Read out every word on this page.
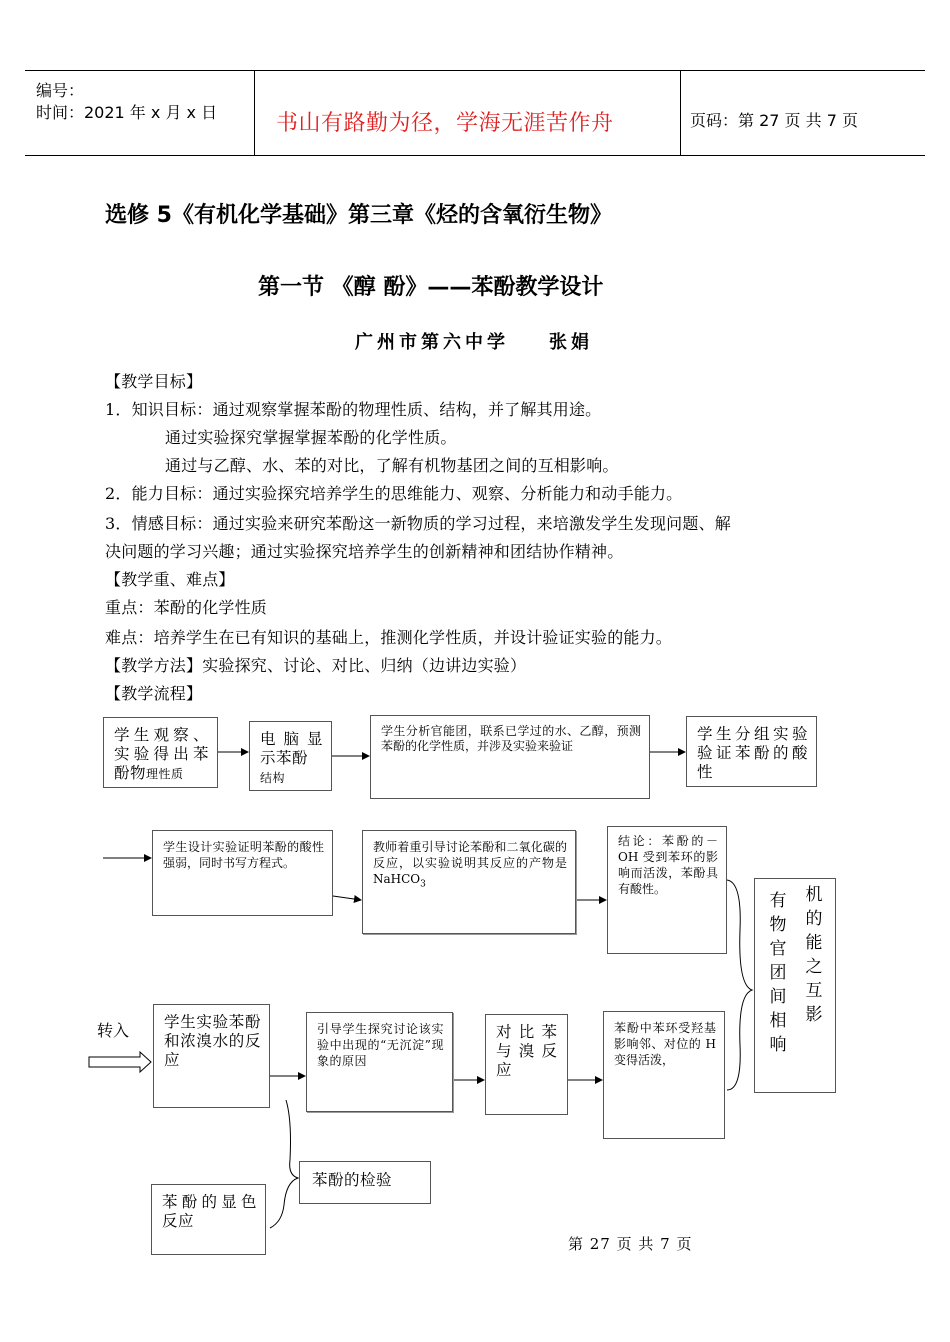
编号：
时间：2021 年 x 月 x 日	书山有路勤为径，学海无涯苦作舟	页码：第 27 页 共 7 页
选修 5《有机化学基础》第三章《烃的含氧衍生物》
第一节 《醇 酚》——苯酚教学设计
广州市第六中学 张娟
【教学目标】
1．知识目标：通过观察掌握苯酚的物理性质、结构，并了解其用途。
通过实验探究掌握掌握苯酚的化学性质。
通过与乙醇、水、苯的对比，了解有机物基团之间的互相影响。
2．能力目标：通过实验探究培养学生的思维能力、观察、分析能力和动手能力。
3．情感目标：通过实验来研究苯酚这一新物质的学习过程，来培激发学生发现问题、解
决问题的学习兴趣；通过实验探究培养学生的创新精神和团结协作精神。
【教学重、难点】
重点：苯酚的化学性质
难点：培养学生在已有知识的基础上，推测化学性质，并设计验证实验的能力。
【教学方法】实验探究、讨论、对比、归纳（边讲边实验）
【教学流程】
学生观察、实验得出苯酚物理性质
电脑显示苯酚
结构
学生分析官能团，联系已学过的水、乙醇，预测苯酚的化学性质，并涉及实验来验证
学生分组实验验证苯酚的酸性
学生设计实验证明苯酚的酸性强弱，同时书写方程式。
教师着重引导讨论苯酚和二氧化碳的反应，以实验说明其反应的产物是 NaHCO$_3$
结论：苯酚的－OH 受到苯环的影响而活泼，苯酚具有酸性。
有物官团间相响
机的能之互影
转入 学生实验苯酚和浓溴水的反应
引导学生探究讨论该实验中出现的“无沉淀”现象的原因
对比苯与溴反应
苯酚中苯环受羟基影响邻、对位的 H 变得活泼，
苯酚的检验
苯酚的显色反应
第 27 页 共 7 页
